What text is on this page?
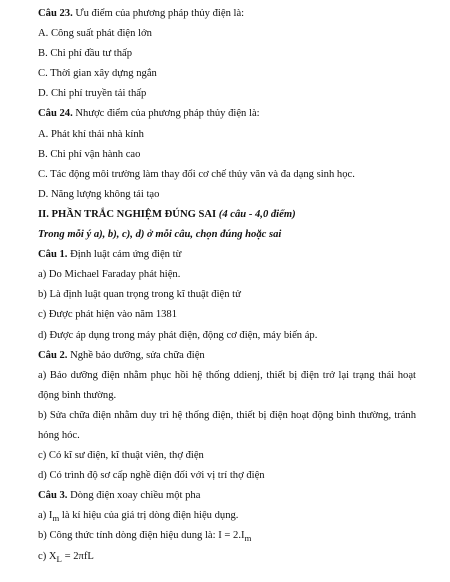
Câu 23. Ưu điểm của phương pháp thủy điện là:
A. Công suất phát điện lớn
B. Chi phí đầu tư thấp
C. Thời gian xây dựng ngắn
D. Chi phí truyền tải thấp
Câu 24. Nhược điểm của phương pháp thủy điện là:
A. Phát khí thải nhà kính
B. Chi phí vận hành cao
C. Tác động môi trường làm thay đổi cơ chế thủy văn và đa dạng sinh học.
D. Năng lượng không tái tạo
II. PHẦN TRẮC NGHIỆM ĐÚNG SAI (4 câu - 4,0 điểm)
Trong mỗi ý a), b), c), d) ở mỗi câu, chọn đúng hoặc sai
Câu 1. Định luật cảm ứng điện từ
a) Do Michael Faraday phát hiện.
b) Là định luật quan trọng trong kĩ thuật điện tử
c) Được phát hiện vào năm 1381
d) Được áp dụng trong máy phát điện, động cơ điện, máy biến áp.
Câu 2. Nghề bảo dưỡng, sửa chữa điện
a) Bảo dưỡng điện nhằm phục hồi hệ thống ddienj, thiết bị điện trở lại trạng thái hoạt động bình thường.
b) Sửa chữa điện nhằm duy trì hệ thống điện, thiết bị điện hoạt động bình thường, tránh hỏng hóc.
c) Có kĩ sư điện, kĩ thuật viên, thợ điện
d) Có trình độ sơ cấp nghề điện đối với vị trí thợ điện
Câu 3. Dòng điện xoay chiều một pha
a) $I_m$ là kí hiệu của giá trị dòng điện hiệu dụng.
b) Công thức tính dòng điện hiệu dung là: $I = 2.I_m$
c) $X_L = 2\pi fL$
